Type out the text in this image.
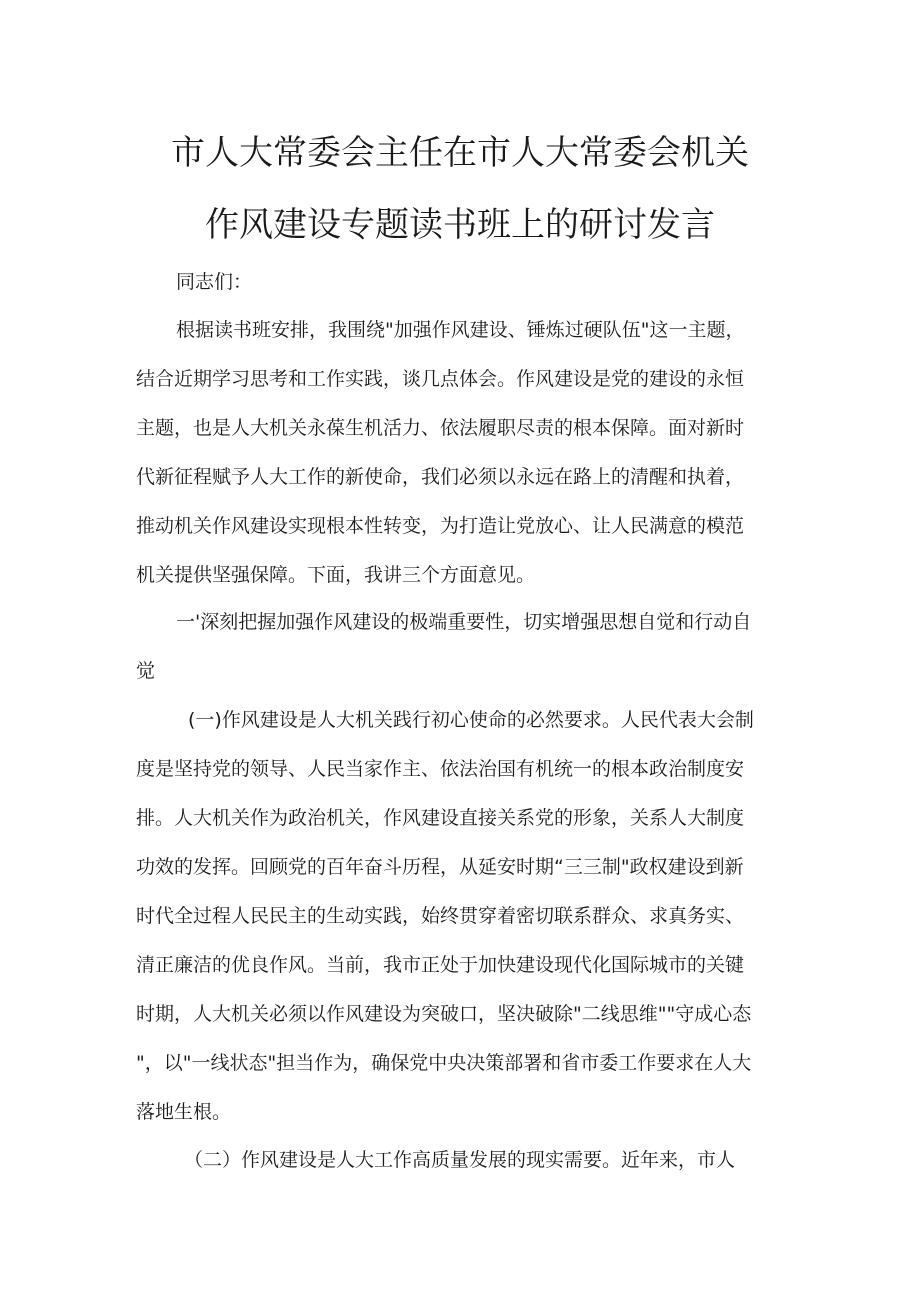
市人大常委会主任在市人大常委会机关
作风建设专题读书班上的研讨发言
同志们：
根据读书班安排，我围绕"加强作风建设、锤炼过硬队伍"这一主题，
结合近期学习思考和工作实践，谈几点体会。作风建设是党的建设的永恒
主题，也是人大机关永葆生机活力、依法履职尽责的根本保障。面对新时
代新征程赋予人大工作的新使命，我们必须以永远在路上的清醒和执着，
推动机关作风建设实现根本性转变，为打造让党放心、让人民满意的模范
机关提供坚强保障。下面，我讲三个方面意见。
一'深刻把握加强作风建设的极端重要性，切实增强思想自觉和行动自
觉
(一)作风建设是人大机关践行初心使命的必然要求。人民代表大会制
度是坚持党的领导、人民当家作主、依法治国有机统一的根本政治制度安
排。人大机关作为政治机关，作风建设直接关系党的形象，关系人大制度
功效的发挥。回顾党的百年奋斗历程，从延安时期“三三制"政权建设到新
时代全过程人民民主的生动实践，始终贯穿着密切联系群众、求真务实、
清正廉洁的优良作风。当前，我市正处于加快建设现代化国际城市的关键
时期，人大机关必须以作风建设为突破口，坚决破除"二线思维""守成心态
"，以"一线状态"担当作为，确保党中央决策部署和省市委工作要求在人大
落地生根。
（二）作风建设是人大工作高质量发展的现实需要。近年来，市人
